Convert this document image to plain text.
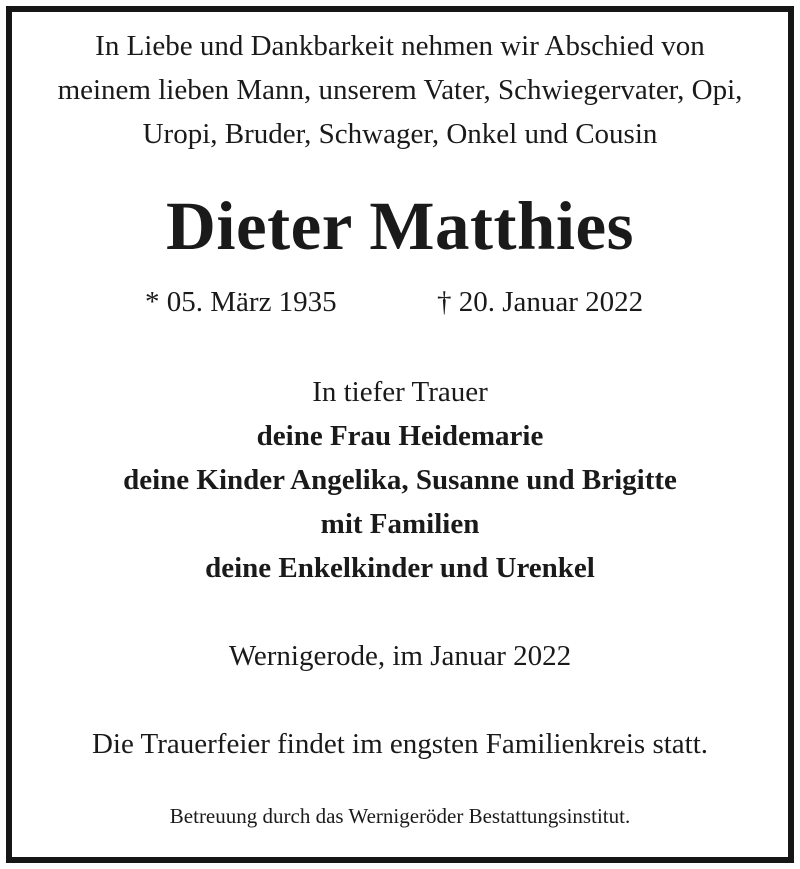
In Liebe und Dankbarkeit nehmen wir Abschied von
meinem lieben Mann, unserem Vater, Schwiegervater, Opi,
Uropi, Bruder, Schwager, Onkel und Cousin
Dieter Matthies
* 05. März 1935	† 20. Januar 2022
In tiefer Trauer
deine Frau Heidemarie
deine Kinder Angelika, Susanne und Brigitte
mit Familien
deine Enkelkinder und Urenkel
Wernigerode, im Januar 2022
Die Trauerfeier findet im engsten Familienkreis statt.
Betreuung durch das Wernigeröder Bestattungsinstitut.
